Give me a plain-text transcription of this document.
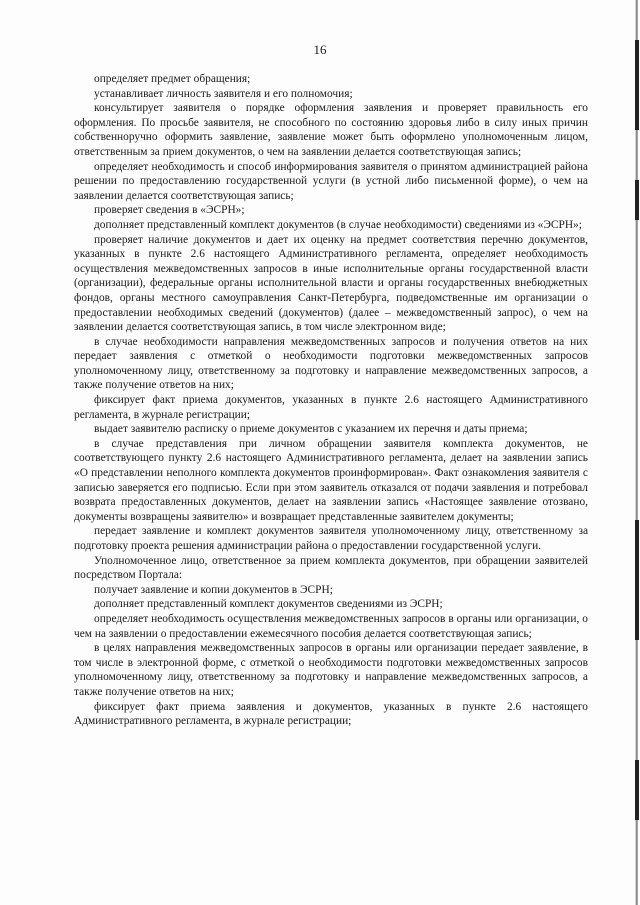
16

определяет предмет обращения;

устанавливает личность заявителя и его полномочия;

консультирует заявителя о порядке оформления заявления и проверяет правильность его оформления. По просьбе заявителя, не способного по состоянию здоровья либо в силу иных причин собственноручно оформить заявление, заявление может быть оформлено уполномоченным лицом, ответственным за прием документов, о чем на заявлении делается соответствующая запись;

определяет необходимость и способ информирования заявителя о принятом администрацией района решении по предоставлению государственной услуги (в устной либо письменной форме), о чем на заявлении делается соответствующая запись;

проверяет сведения в «ЭСРН»;

дополняет представленный комплект документов (в случае необходимости) сведениями из «ЭСРН»;

проверяет наличие документов и дает их оценку на предмет соответствия перечню документов, указанных в пункте 2.6 настоящего Административного регламента, определяет необходимость осуществления межведомственных запросов в иные исполнительные органы государственной власти (организации), федеральные органы исполнительной власти и органы государственных внебюджетных фондов, органы местного самоуправления Санкт-Петербурга, подведомственные им организации о предоставлении необходимых сведений (документов) (далее – межведомственный запрос), о чем на заявлении делается соответствующая запись, в том числе электронном виде;

в случае необходимости направления межведомственных запросов и получения ответов на них передает заявления с отметкой о необходимости подготовки межведомственных запросов уполномоченному лицу, ответственному за подготовку и направление межведомственных запросов, а также получение ответов на них;

фиксирует факт приема документов, указанных в пункте 2.6 настоящего Административного регламента, в журнале регистрации;

выдает заявителю расписку о приеме документов с указанием их перечня и даты приема;

в случае представления при личном обращении заявителя комплекта документов, не соответствующего пункту 2.6 настоящего Административного регламента, делает на заявлении запись «О представлении неполного комплекта документов проинформирован». Факт ознакомления заявителя с записью заверяется его подписью. Если при этом заявитель отказался от подачи заявления и потребовал возврата предоставленных документов, делает на заявлении запись «Настоящее заявление отозвано, документы возвращены заявителю» и возвращает представленные заявителем документы;

передает заявление и комплект документов заявителя уполномоченному лицу, ответственному за подготовку проекта решения администрации района о предоставлении государственной услуги.

Уполномоченное лицо, ответственное за прием комплекта документов, при обращении заявителей посредством Портала:

получает заявление и копии документов в ЭСРН;

дополняет представленный комплект документов сведениями из ЭСРН;

определяет необходимость осуществления межведомственных запросов в органы или организации, о чем на заявлении о предоставлении ежемесячного пособия делается соответствующая запись;

в целях направления межведомственных запросов в органы или организации передает заявление, в том числе в электронной форме, с отметкой о необходимости подготовки межведомственных запросов уполномоченному лицу, ответственному за подготовку и направление межведомственных запросов, а также получение ответов на них;

фиксирует факт приема заявления и документов, указанных в пункте 2.6 настоящего Административного регламента, в журнале регистрации;
